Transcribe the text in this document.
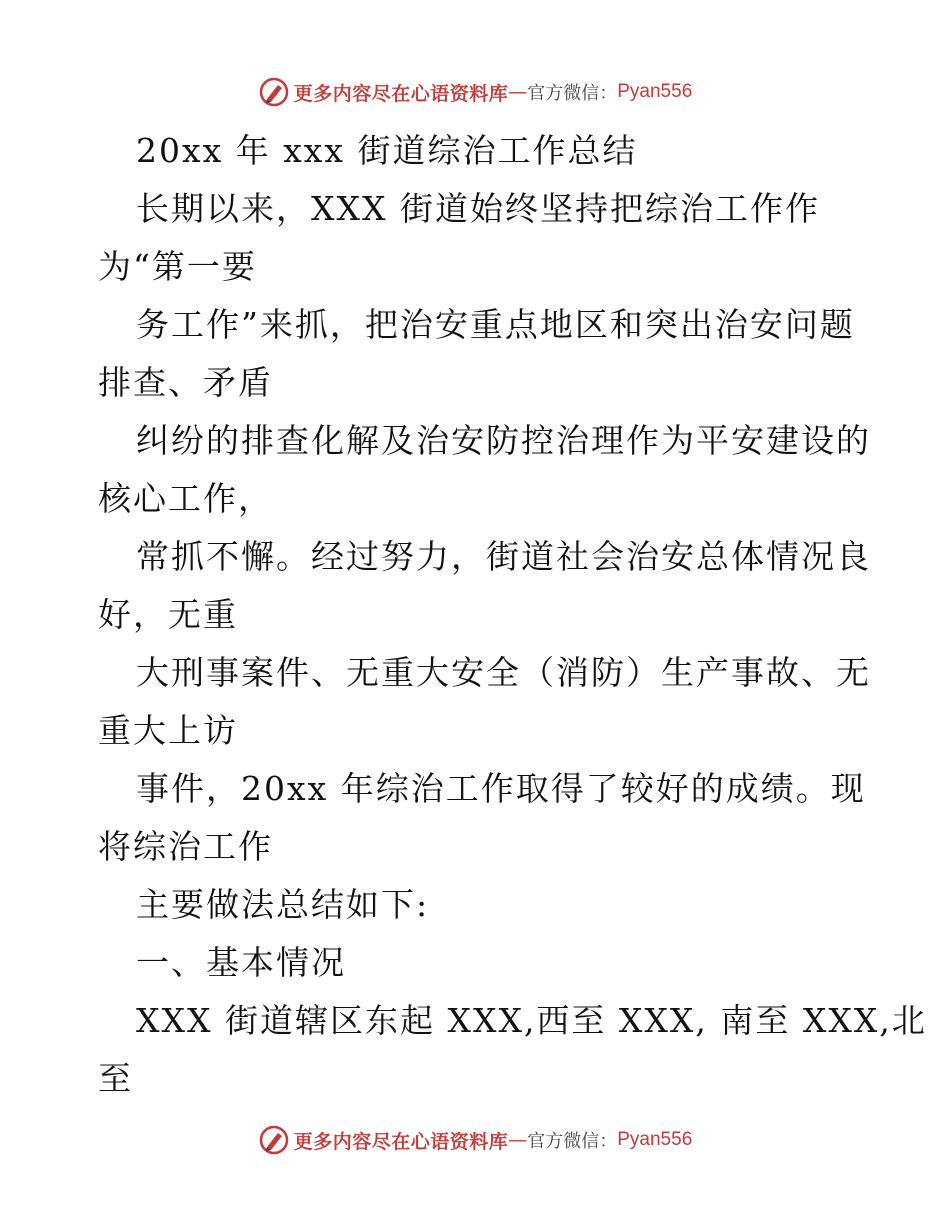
更多内容尽在心语资料库 — 官方微信： Pyan556
20xx 年 xxx 街道综治工作总结
长期以来，XXX 街道始终坚持把综治工作作
为“第一要
务工作”来抓，把治安重点地区和突出治安问题
排查、矛盾
纠纷的排查化解及治安防控治理作为平安建设的
核心工作，
常抓不懈。经过努力，街道社会治安总体情况良
好，无重
大刑事案件、无重大安全（消防）生产事故、无
重大上访
事件，20xx 年综治工作取得了较好的成绩。现
将综治工作
主要做法总结如下:
一、基本情况
XXX 街道辖区东起 XXX,西至 XXX, 南至 XXX,北
至
更多内容尽在心语资料库 — 官方微信： Pyan556
